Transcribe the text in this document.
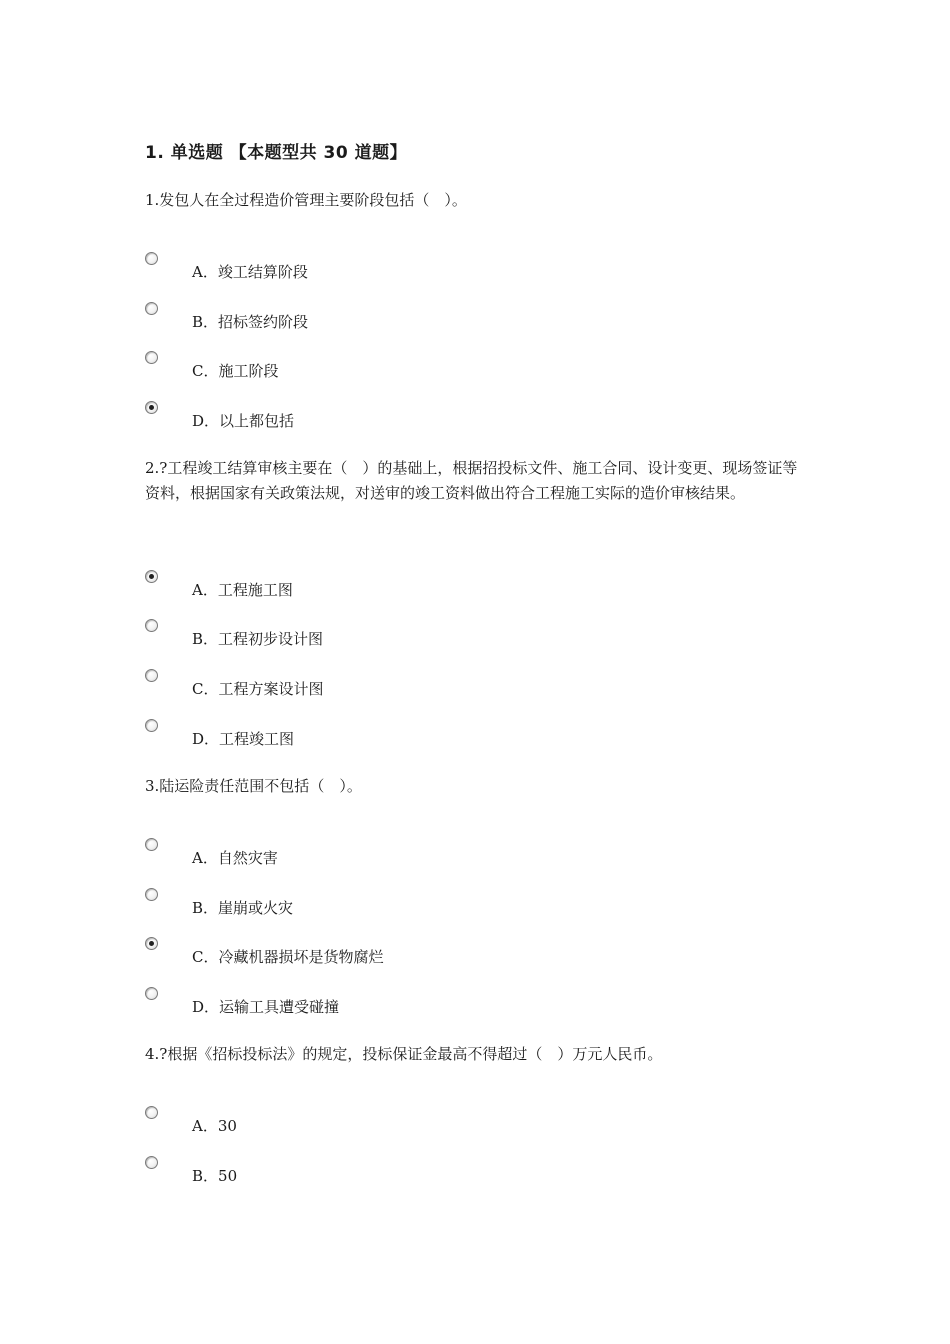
1. 单选题 【本题型共 30 道题】
1.发包人在全过程造价管理主要阶段包括（　）。
A．竣工结算阶段
B．招标签约阶段
C．施工阶段
D．以上都包括
2.?工程竣工结算审核主要在（　）的基础上，根据招投标文件、施工合同、设计变更、现场签证等资料，根据国家有关政策法规，对送审的竣工资料做出符合工程施工实际的造价审核结果。
A．工程施工图
B．工程初步设计图
C．工程方案设计图
D．工程竣工图
3.陆运险责任范围不包括（　）。
A．自然灾害
B．崖崩或火灾
C．冷藏机器损坏是货物腐烂
D．运输工具遭受碰撞
4.?根据《招标投标法》的规定，投标保证金最高不得超过（　）万元人民币。
A．30
B．50
